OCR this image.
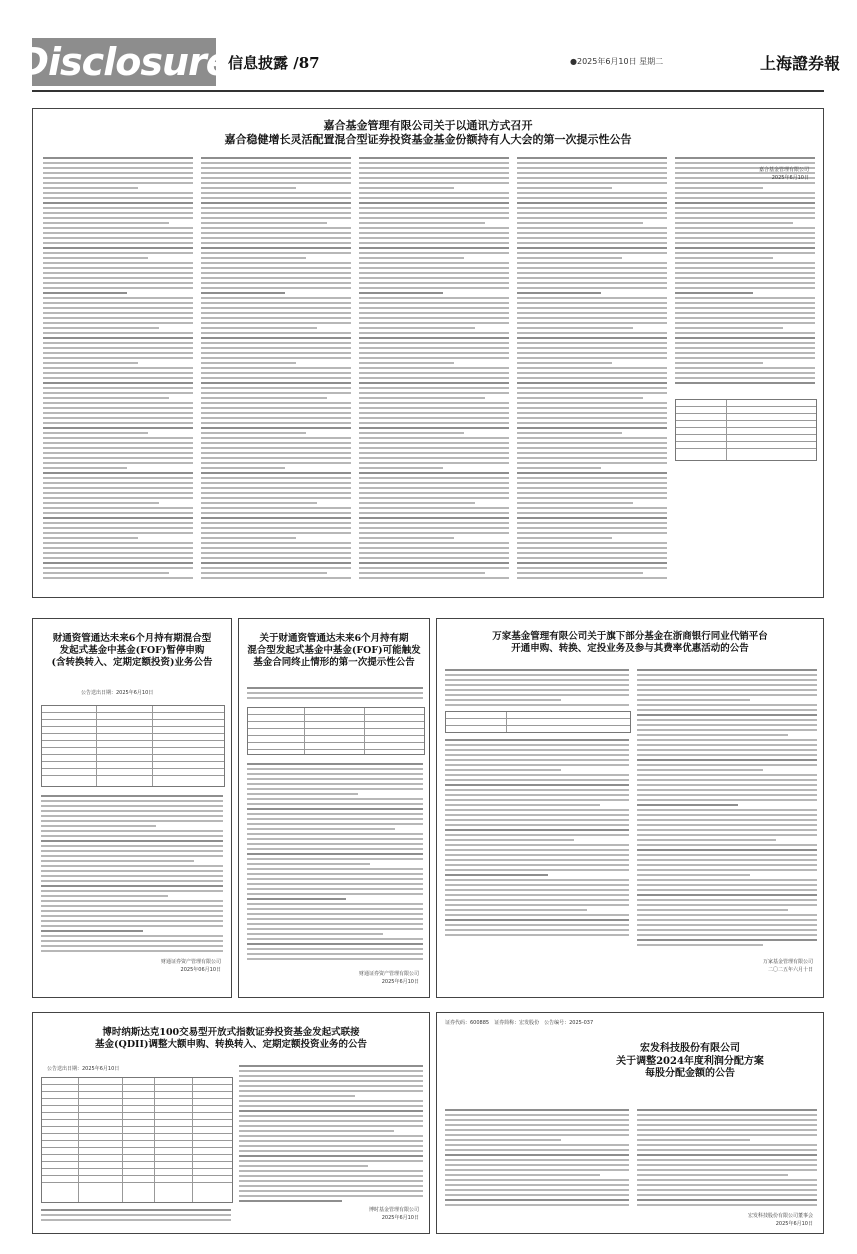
Disclosure
信息披露 /87	●2025年6月10日 星期二	上海證券報
嘉合基金管理有限公司关于以通讯方式召开
嘉合稳健增长灵活配置混合型证券投资基金基金份额持有人大会的第一次提示性公告
嘉合基金管理有限公司
2025年6月10日
财通资管通达未来6个月持有期混合型
发起式基金中基金(FOF)暂停申购
(含转换转入、定期定额投资)业务公告
公告送出日期：2025年6月10日
财通证券资产管理有限公司
2025年06月10日
关于财通资管通达未来6个月持有期
混合型发起式基金中基金(FOF)可能触发
基金合同终止情形的第一次提示性公告
财通证券资产管理有限公司
2025年6月10日
万家基金管理有限公司关于旗下部分基金在浙商银行同业代销平台
开通申购、转换、定投业务及参与其费率优惠活动的公告
万家基金管理有限公司
二〇二五年六月十日
博时纳斯达克100交易型开放式指数证券投资基金发起式联接
基金(QDII)调整大额申购、转换转入、定期定额投资业务的公告
公告送出日期：2025年6月10日
博时基金管理有限公司
2025年6月10日
证券代码：600885　证券简称：宏发股份　公告编号：2025-037
宏发科技股份有限公司
关于调整2024年度利润分配方案
每股分配金额的公告
宏发科技股份有限公司董事会
2025年6月10日
